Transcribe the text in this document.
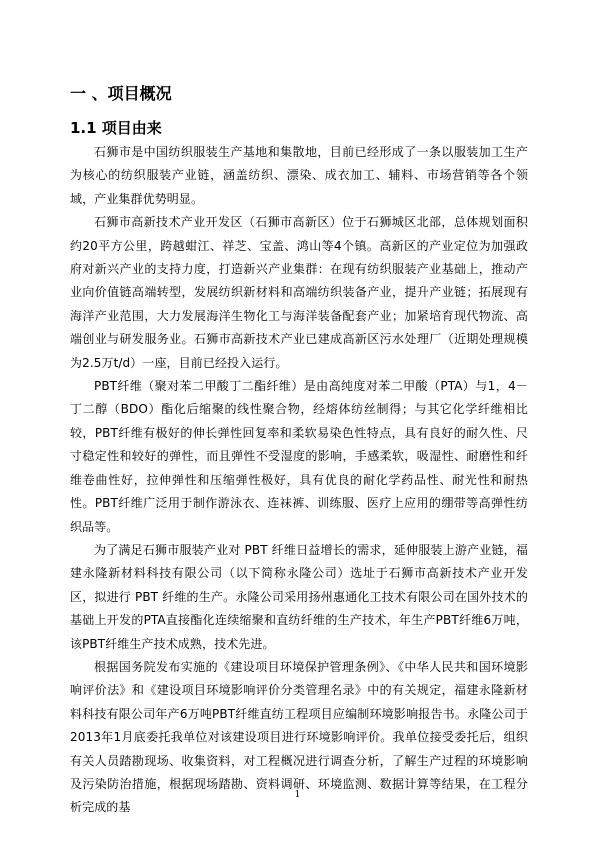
一 、项目概况
1.1 项目由来

石狮市是中国纺织服装生产基地和集散地，目前已经形成了一条以服装加工生产为核心的纺织服装产业链，涵盖纺织、漂染、成衣加工、辅料、市场营销等各个领域，产业集群优势明显。

石狮市高新技术产业开发区（石狮市高新区）位于石狮城区北部，总体规划面积约20平方公里，跨越蚶江、祥芝、宝盖、鸿山等4个镇。高新区的产业定位为加强政府对新兴产业的支持力度，打造新兴产业集群：在现有纺织服装产业基础上，推动产业向价值链高端转型，发展纺织新材料和高端纺织装备产业，提升产业链；拓展现有海洋产业范围，大力发展海洋生物化工与海洋装备配套产业；加紧培育现代物流、高端创业与研发服务业。石狮市高新技术产业已建成高新区污水处理厂（近期处理规模为2.5万t/d）一座，目前已经投入运行。

PBT纤维（聚对苯二甲酸丁二酯纤维）是由高纯度对苯二甲酸（PTA）与1，4－丁二醇（BDO）酯化后缩聚的线性聚合物，经熔体纺丝制得；与其它化学纤维相比较，PBT纤维有极好的伸长弹性回复率和柔软易染色性特点，具有良好的耐久性、尺寸稳定性和较好的弹性，而且弹性不受湿度的影响，手感柔软，吸湿性、耐磨性和纤维卷曲性好，拉伸弹性和压缩弹性极好，具有优良的耐化学药品性、耐光性和耐热性。PBT纤维广泛用于制作游泳衣、连袜裤、训练服、医疗上应用的绷带等高弹性纺织品等。

为了满足石狮市服装产业对 PBT 纤维日益增长的需求，延伸服装上游产业链，福建永隆新材料科技有限公司（以下简称永隆公司）选址于石狮市高新技术产业开发区，拟进行 PBT 纤维的生产。永隆公司采用扬州惠通化工技术有限公司在国外技术的基础上开发的PTA直接酯化连续缩聚和直纺纤维的生产技术，年生产PBT纤维6万吨，该PBT纤维生产技术成熟，技术先进。

根据国务院发布实施的《建设项目环境保护管理条例》、《中华人民共和国环境影响评价法》和《建设项目环境影响评价分类管理名录》中的有关规定，福建永隆新材料科技有限公司年产6万吨PBT纤维直纺工程项目应编制环境影响报告书。永隆公司于2013年1月底委托我单位对该建设项目进行环境影响评价。我单位接受委托后，组织有关人员踏勘现场、收集资料，对工程概况进行调查分析，了解生产过程的环境影响及污染防治措施，根据现场踏勘、资料调研、环境监测、数据计算等结果，在工程分析完成的基

1
